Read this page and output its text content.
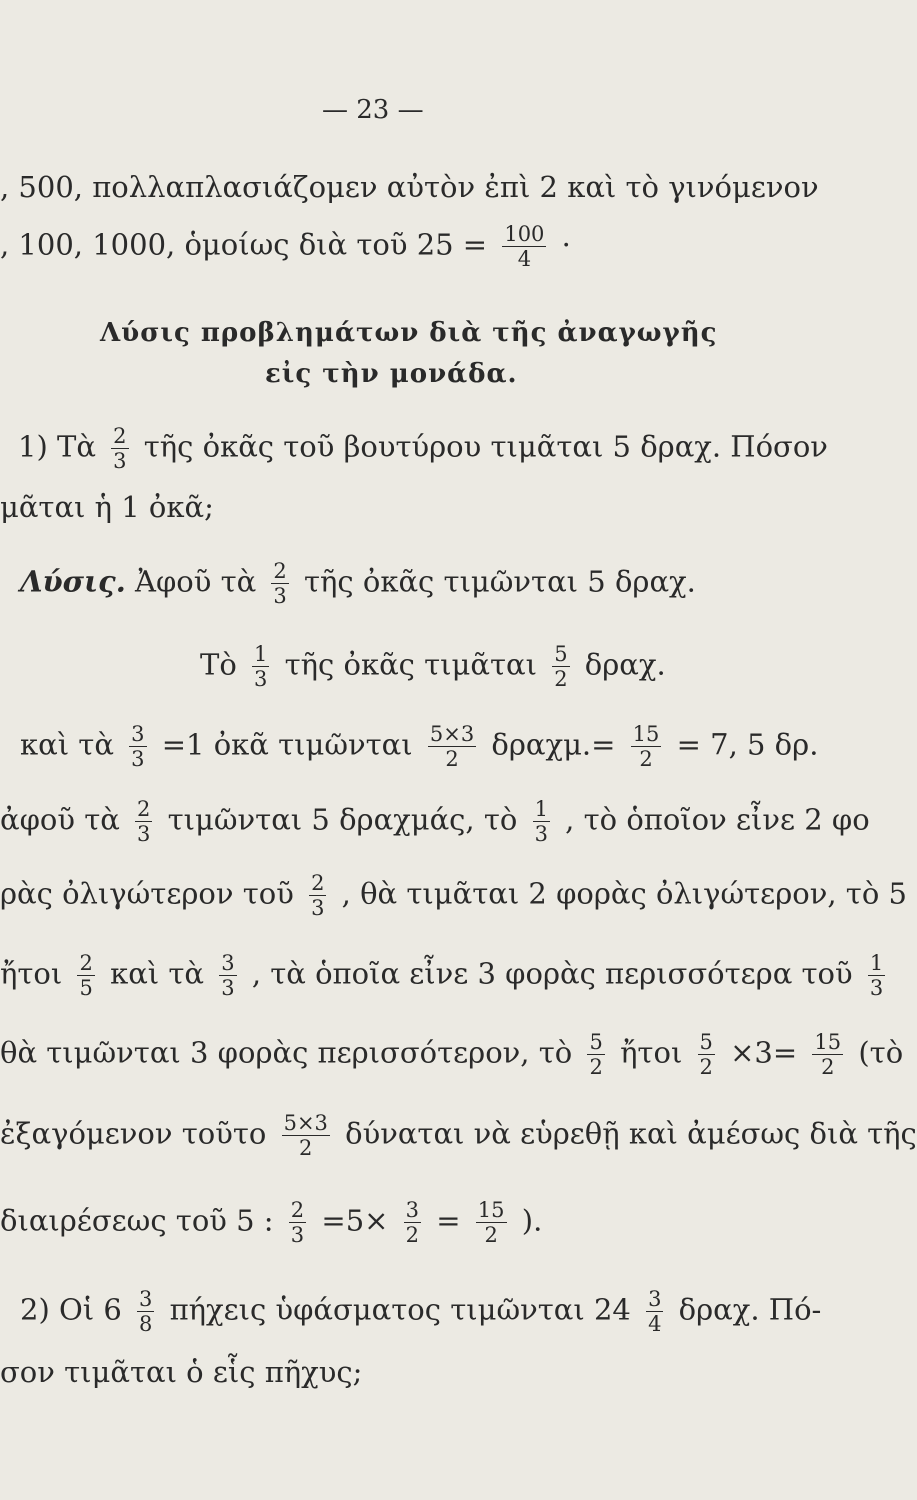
— 23 —
, 500, πολλαπλασιάζομεν αὐτὸν ἐπὶ 2 καὶ τὸ γινόμενον
, 100, 1000, ὁμοίως διὰ τοῦ $25 = \frac{100}{4}$ ·
Λύσις προβλημάτων διὰ τῆς ἀναγωγῆς
εἰς τὴν μονάδα.
1) Τὰ $\frac{2}{3}$ τῆς ὀκᾶς τοῦ βουτύρου τιμᾶται 5 δραχ. Πόσον
μᾶται ἡ 1 ὀκᾶ;
Λύσις. Ἀφοῦ τὰ $\frac{2}{3}$ τῆς ὀκᾶς τιμῶνται 5 δραχ.
Τὸ $\frac{1}{3}$ τῆς ὀκᾶς τιμᾶται $\frac{5}{2} \delta\rho\alpha\chi$.
καὶ τὰ $\frac{3}{3} =1$ ὀκᾶ τιμῶνται $\frac{5\times 3}{2} \delta\rho\alpha\chi\mu.= \frac{15}{2} = 7$, 5 δρ.
ἀφοῦ τὰ $\frac{2}{3}$ τιμῶνται 5 δραχμάς, τὸ $\frac{1}{3}$ , τὸ ὁποῖον εἶνε 2 φο
ρὰς ὀλιγώτερον τοῦ $\frac{2}{3}$ , θὰ τιμᾶται 2 φορὰς ὀλιγώτερον, τὸ 5
ἤτοι $\frac{2}{5}$ καὶ τὰ $\frac{3}{3}$ , τὰ ὁποῖα εἶνε 3 φορὰς περισσότερα τοῦ $\frac{1}{3}$
θὰ τιμῶνται 3 φορὰς περισσότερον, τὸ $\frac{5}{2}$ ἤτοι $\frac{5}{2} \times 3= \frac{15}{2}$ (τὸ
ἐξαγόμενον τοῦτο $\frac{5\times 3}{2}$ δύναται νὰ εὑρεθῇ καὶ ἀμέσως διὰ τῆς
διαιρέσεως τοῦ 5 : $\frac{2}{3} =5\times \frac{3}{2} = \frac{15}{2}$ ).
2) Οἱ $6 \frac{3}{8}$ πήχεις ὑφάσματος τιμῶνται $24 \frac{3}{4} \delta\rho\alpha\chi$. Πό-
σον τιμᾶται ὁ εἷς πῆχυς;
